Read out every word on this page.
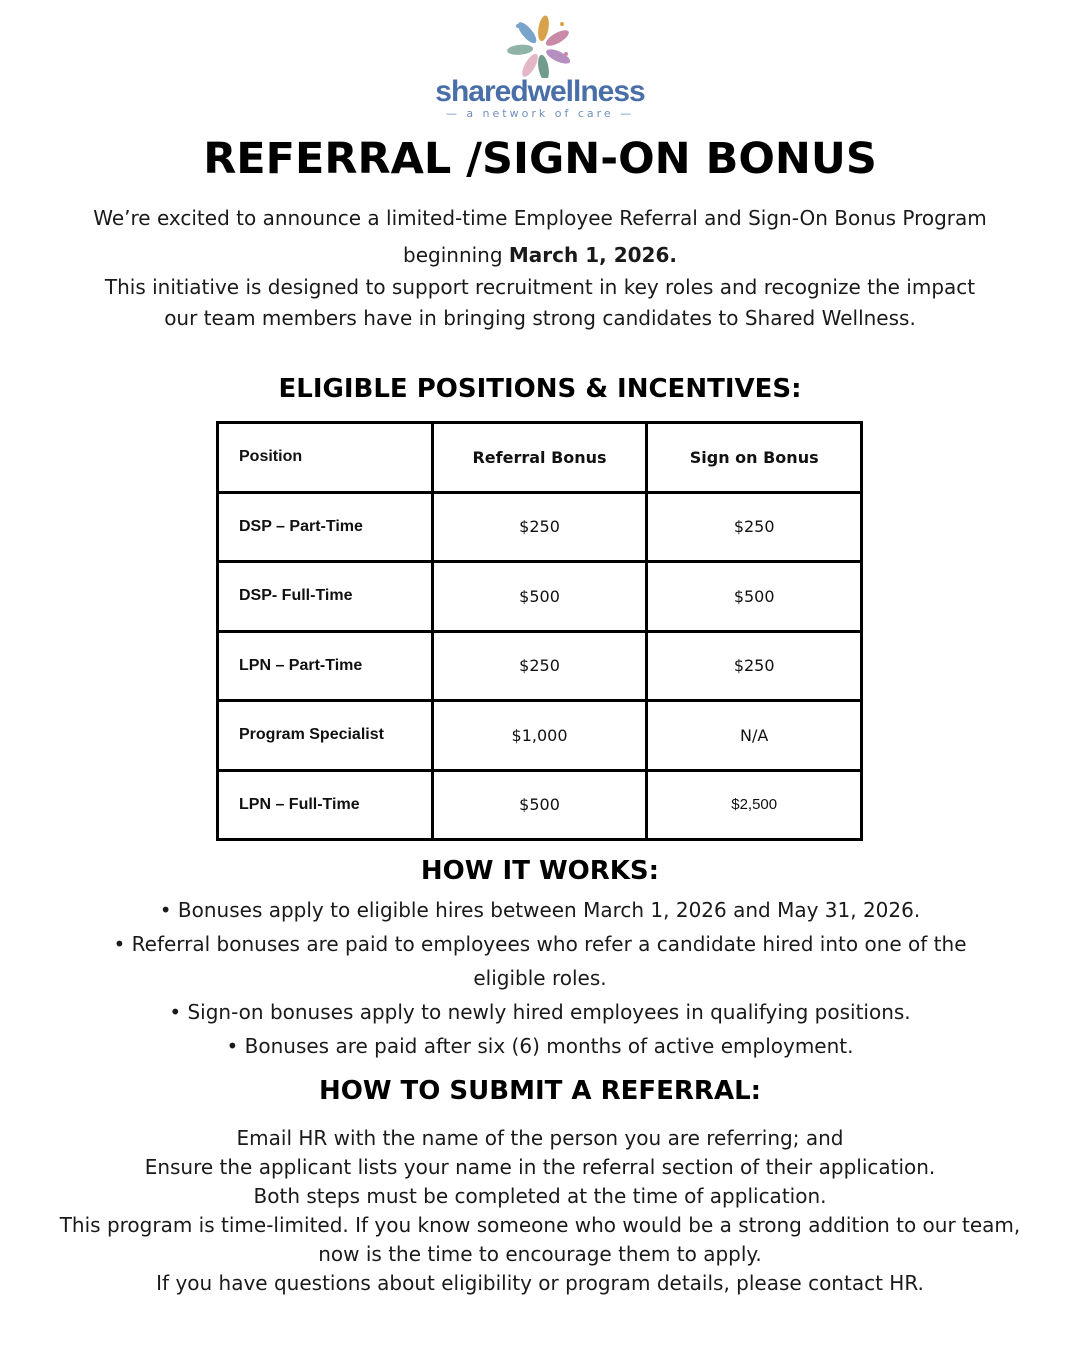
sharedwellness
— a network of care —
REFERRAL /SIGN-ON BONUS

We’re excited to announce a limited-time Employee Referral and Sign-On Bonus Program beginning March 1, 2026.

This initiative is designed to support recruitment in key roles and recognize the impact our team members have in bringing strong candidates to Shared Wellness.

ELIGIBLE POSITIONS & INCENTIVES:
Position	Referral Bonus	Sign on Bonus
DSP – Part-Time	$250	$250
DSP- Full-Time	$500	$500
LPN – Part-Time	$250	$250
Program Specialist	$1,000	N/A
LPN – Full-Time	$500	$2,500
HOW IT WORKS:
• Bonuses apply to eligible hires between March 1, 2026 and May 31, 2026.
• Referral bonuses are paid to employees who refer a candidate hired into one of the eligible roles.
• Sign-on bonuses apply to newly hired employees in qualifying positions.
• Bonuses are paid after six (6) months of active employment.
HOW TO SUBMIT A REFERRAL:

Email HR with the name of the person you are referring; and

Ensure the applicant lists your name in the referral section of their application.

Both steps must be completed at the time of application.

This program is time-limited. If you know someone who would be a strong addition to our team, now is the time to encourage them to apply.

If you have questions about eligibility or program details, please contact HR.
